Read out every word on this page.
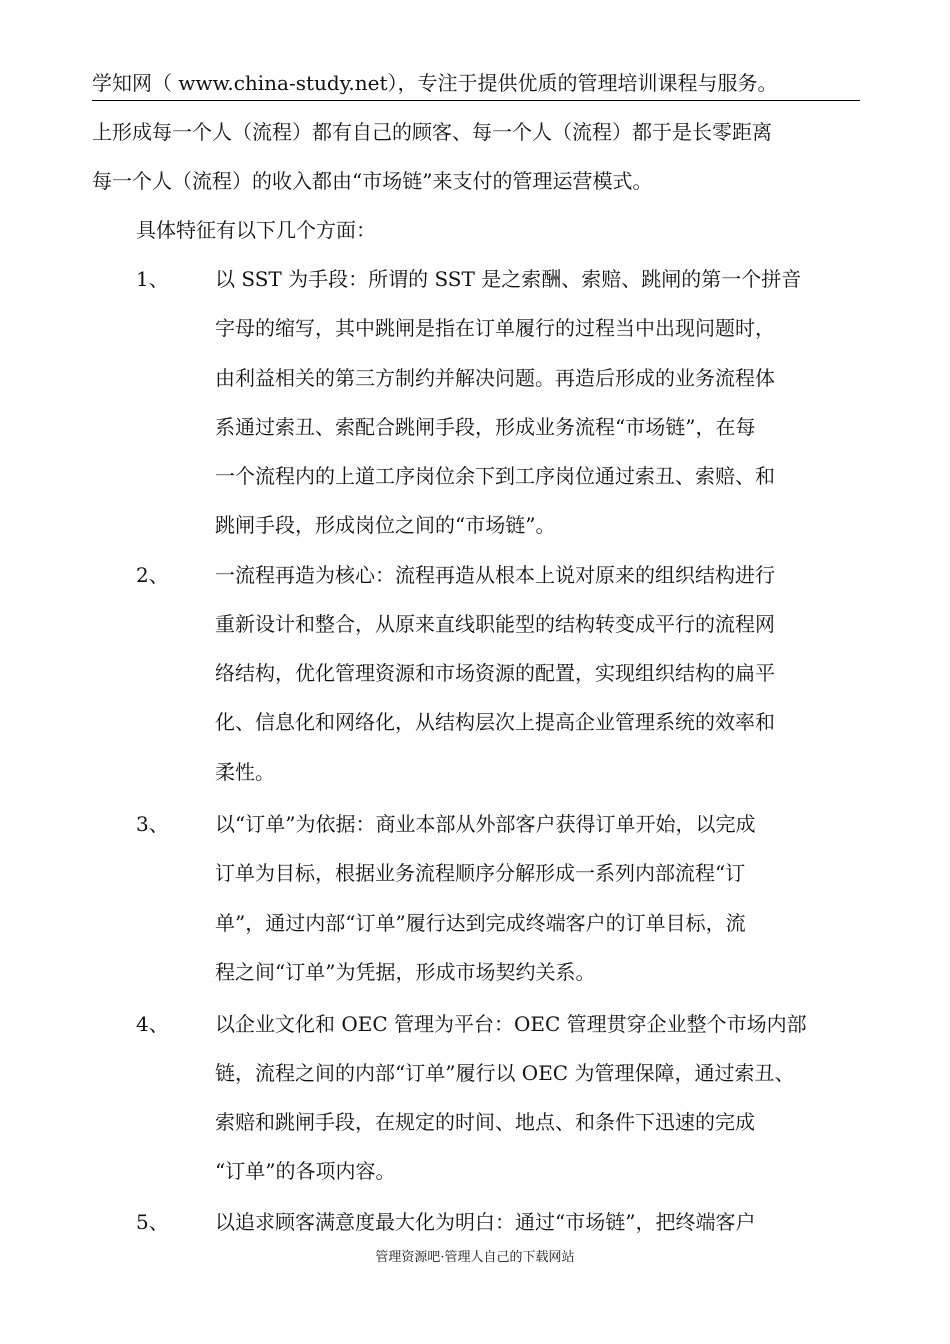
学知网（ www.china-study.net），专注于提供优质的管理培训课程与服务。
上形成每一个人（流程）都有自己的顾客、每一个人（流程）都于是长零距离
每一个人（流程）的收入都由“市场链”来支付的管理运营模式。
具体特征有以下几个方面：
1、 以 SST 为手段：所谓的 SST 是之索酬、索赔、跳闸的第一个拼音
字母的缩写，其中跳闸是指在订单履行的过程当中出现问题时，
由利益相关的第三方制约并解决问题。再造后形成的业务流程体
系通过索丑、索配合跳闸手段，形成业务流程“市场链”，在每
一个流程内的上道工序岗位余下到工序岗位通过索丑、索赔、和
跳闸手段，形成岗位之间的“市场链”。
2、 一流程再造为核心：流程再造从根本上说对原来的组织结构进行
重新设计和整合，从原来直线职能型的结构转变成平行的流程网
络结构，优化管理资源和市场资源的配置，实现组织结构的扁平
化、信息化和网络化，从结构层次上提高企业管理系统的效率和
柔性。
3、 以“订单”为依据：商业本部从外部客户获得订单开始，以完成
订单为目标，根据业务流程顺序分解形成一系列内部流程“订
单”，通过内部“订单”履行达到完成终端客户的订单目标，流
程之间“订单”为凭据，形成市场契约关系。
4、 以企业文化和 OEC 管理为平台：OEC 管理贯穿企业整个市场内部
链，流程之间的内部“订单”履行以 OEC 为管理保障，通过索丑、
索赔和跳闸手段，在规定的时间、地点、和条件下迅速的完成
“订单”的各项内容。
5、 以追求顾客满意度最大化为明白：通过“市场链”，把终端客户
管理资源吧·管理人自己的下载网站
